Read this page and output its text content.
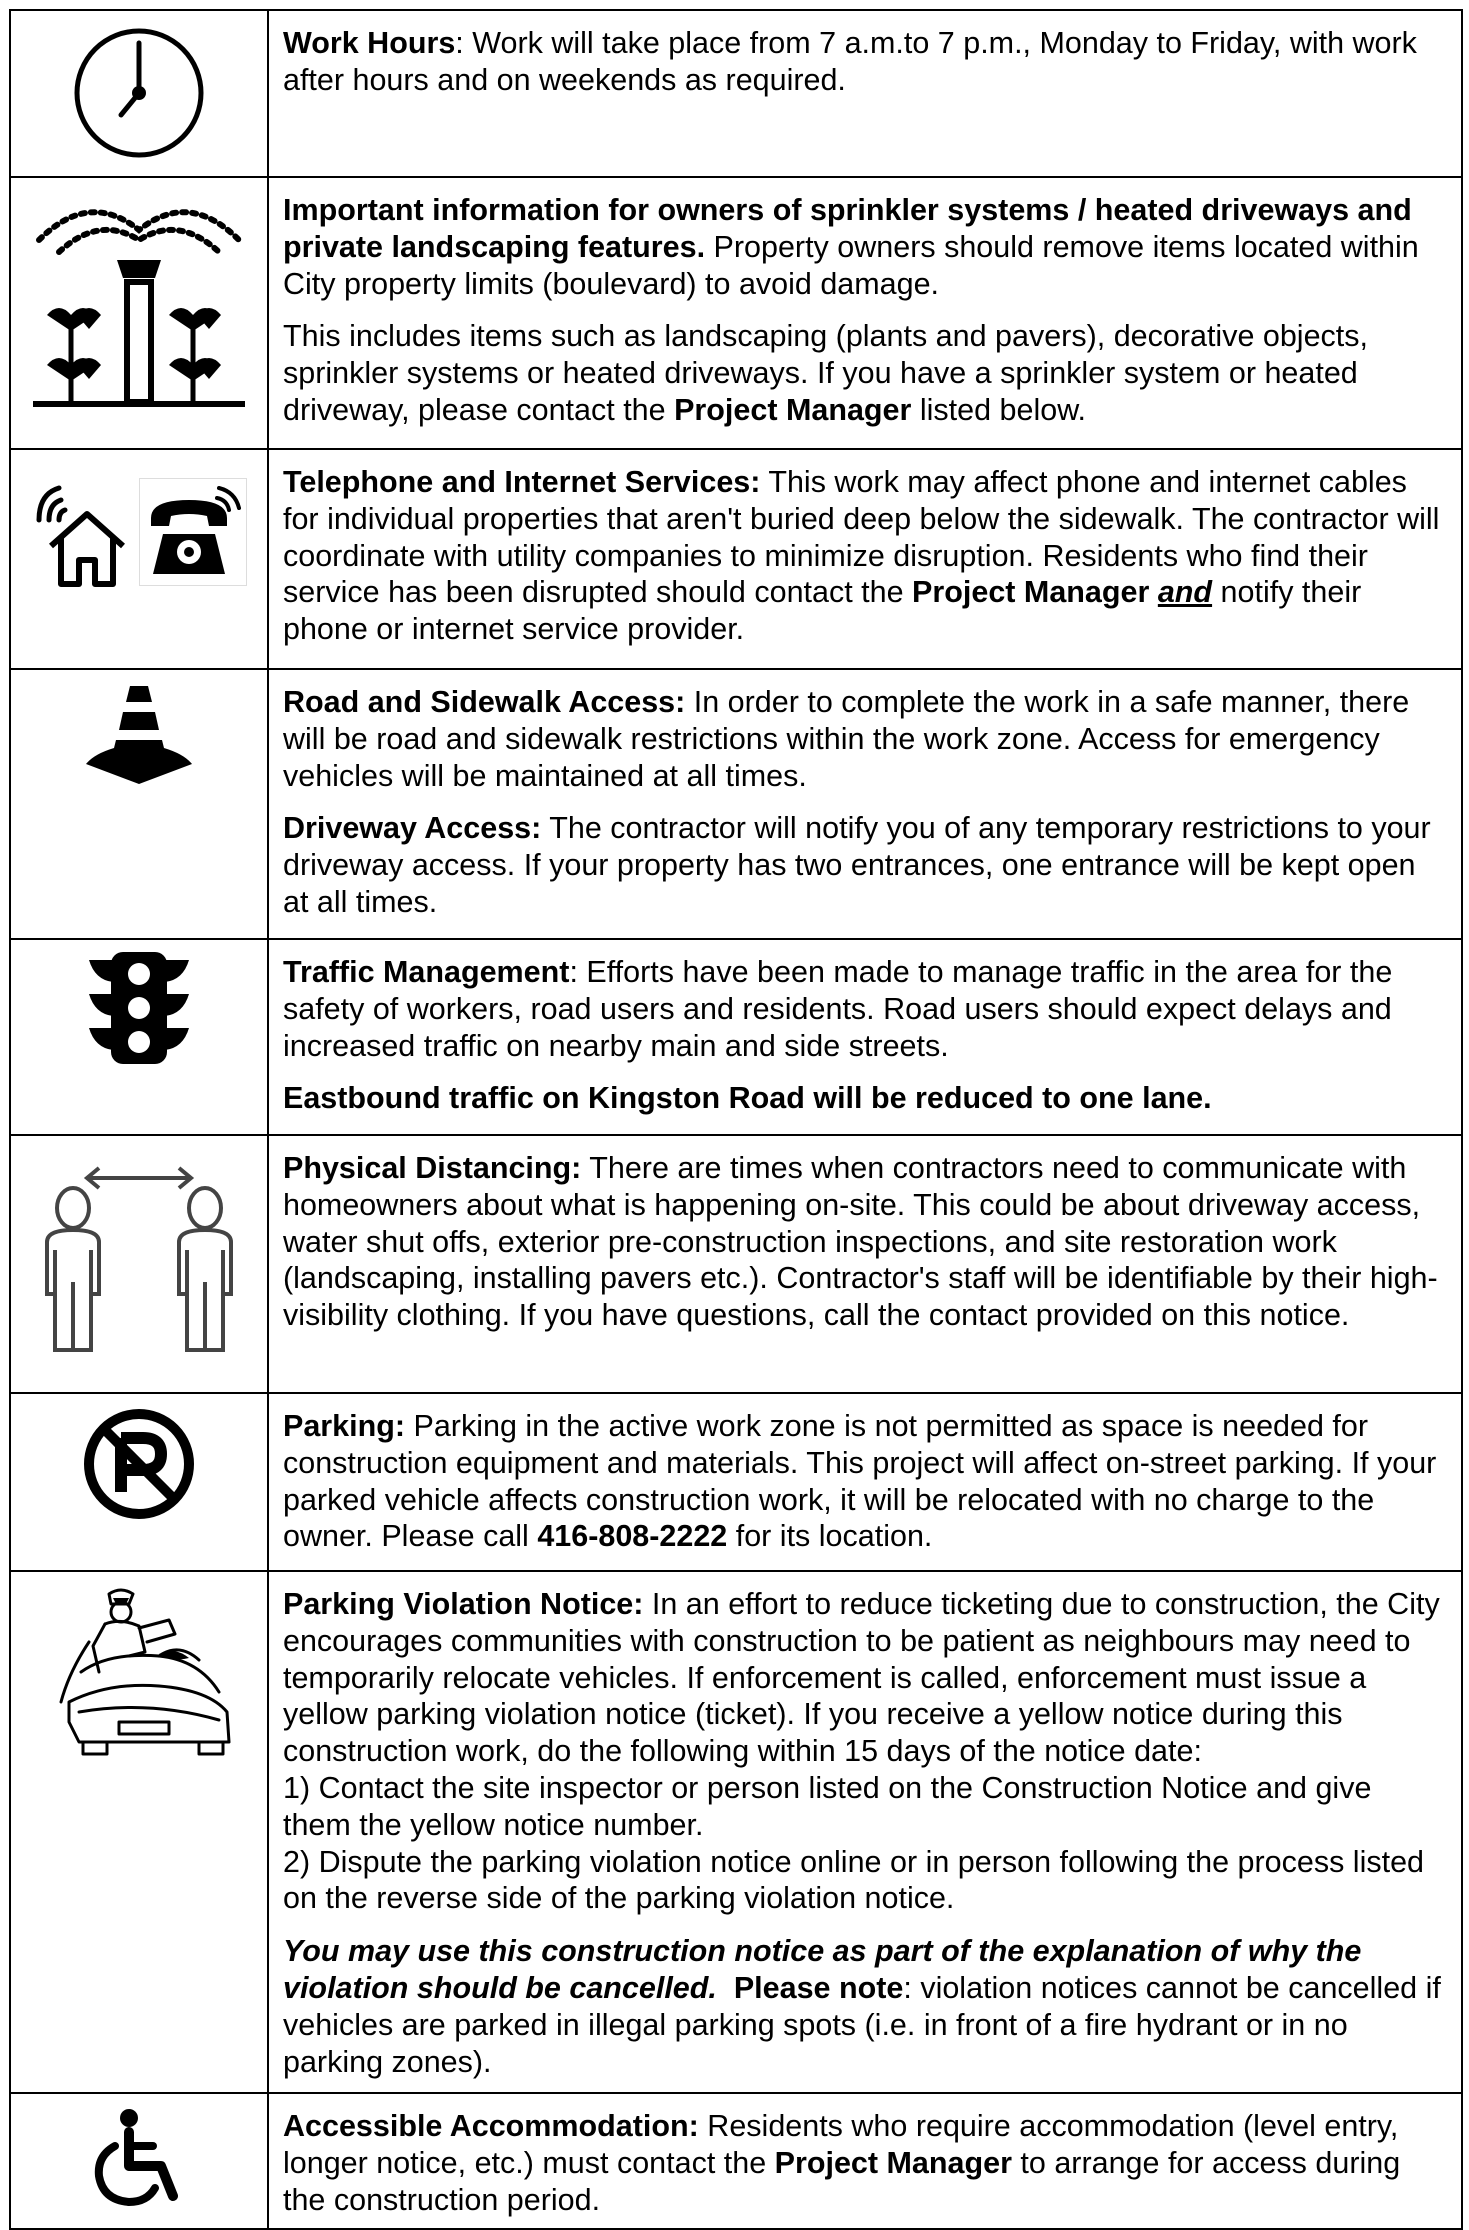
Work Hours: Work will take place from 7 a.m.to 7 p.m., Monday to Friday, with work after hours and on weekends as required.

Important information for owners of sprinkler systems / heated driveways and private landscaping features. Property owners should remove items located within City property limits (boulevard) to avoid damage.

This includes items such as landscaping (plants and pavers), decorative objects, sprinkler systems or heated driveways. If you have a sprinkler system or heated driveway, please contact the Project Manager listed below.

Telephone and Internet Services: This work may affect phone and internet cables for individual properties that aren't buried deep below the sidewalk. The contractor will coordinate with utility companies to minimize disruption. Residents who find their service has been disrupted should contact the Project Manager and notify their phone or internet service provider.

Road and Sidewalk Access: In order to complete the work in a safe manner, there will be road and sidewalk restrictions within the work zone. Access for emergency vehicles will be maintained at all times.

Driveway Access: The contractor will notify you of any temporary restrictions to your driveway access. If your property has two entrances, one entrance will be kept open at all times.

Traffic Management: Efforts have been made to manage traffic in the area for the safety of workers, road users and residents. Road users should expect delays and increased traffic on nearby main and side streets.

Eastbound traffic on Kingston Road will be reduced to one lane.

Physical Distancing: There are times when contractors need to communicate with homeowners about what is happening on-site. This could be about driveway access, water shut offs, exterior pre-construction inspections, and site restoration work (landscaping, installing pavers etc.). Contractor's staff will be identifiable by their high-visibility clothing. If you have questions, call the contact provided on this notice.

Parking: Parking in the active work zone is not permitted as space is needed for construction equipment and materials. This project will affect on-street parking. If your parked vehicle affects construction work, it will be relocated with no charge to the owner. Please call 416-808-2222 for its location.

Parking Violation Notice: In an effort to reduce ticketing due to construction, the City encourages communities with construction to be patient as neighbours may need to temporarily relocate vehicles. If enforcement is called, enforcement must issue a yellow parking violation notice (ticket). If you receive a yellow notice during this construction work, do the following within 15 days of the notice date:
1) Contact the site inspector or person listed on the Construction Notice and give them the yellow notice number.
2) Dispute the parking violation notice online or in person following the process listed on the reverse side of the parking violation notice.

You may use this construction notice as part of the explanation of why the violation should be cancelled. Please note: violation notices cannot be cancelled if vehicles are parked in illegal parking spots (i.e. in front of a fire hydrant or in no parking zones).

Accessible Accommodation: Residents who require accommodation (level entry, longer notice, etc.) must contact the Project Manager to arrange for access during the construction period.
